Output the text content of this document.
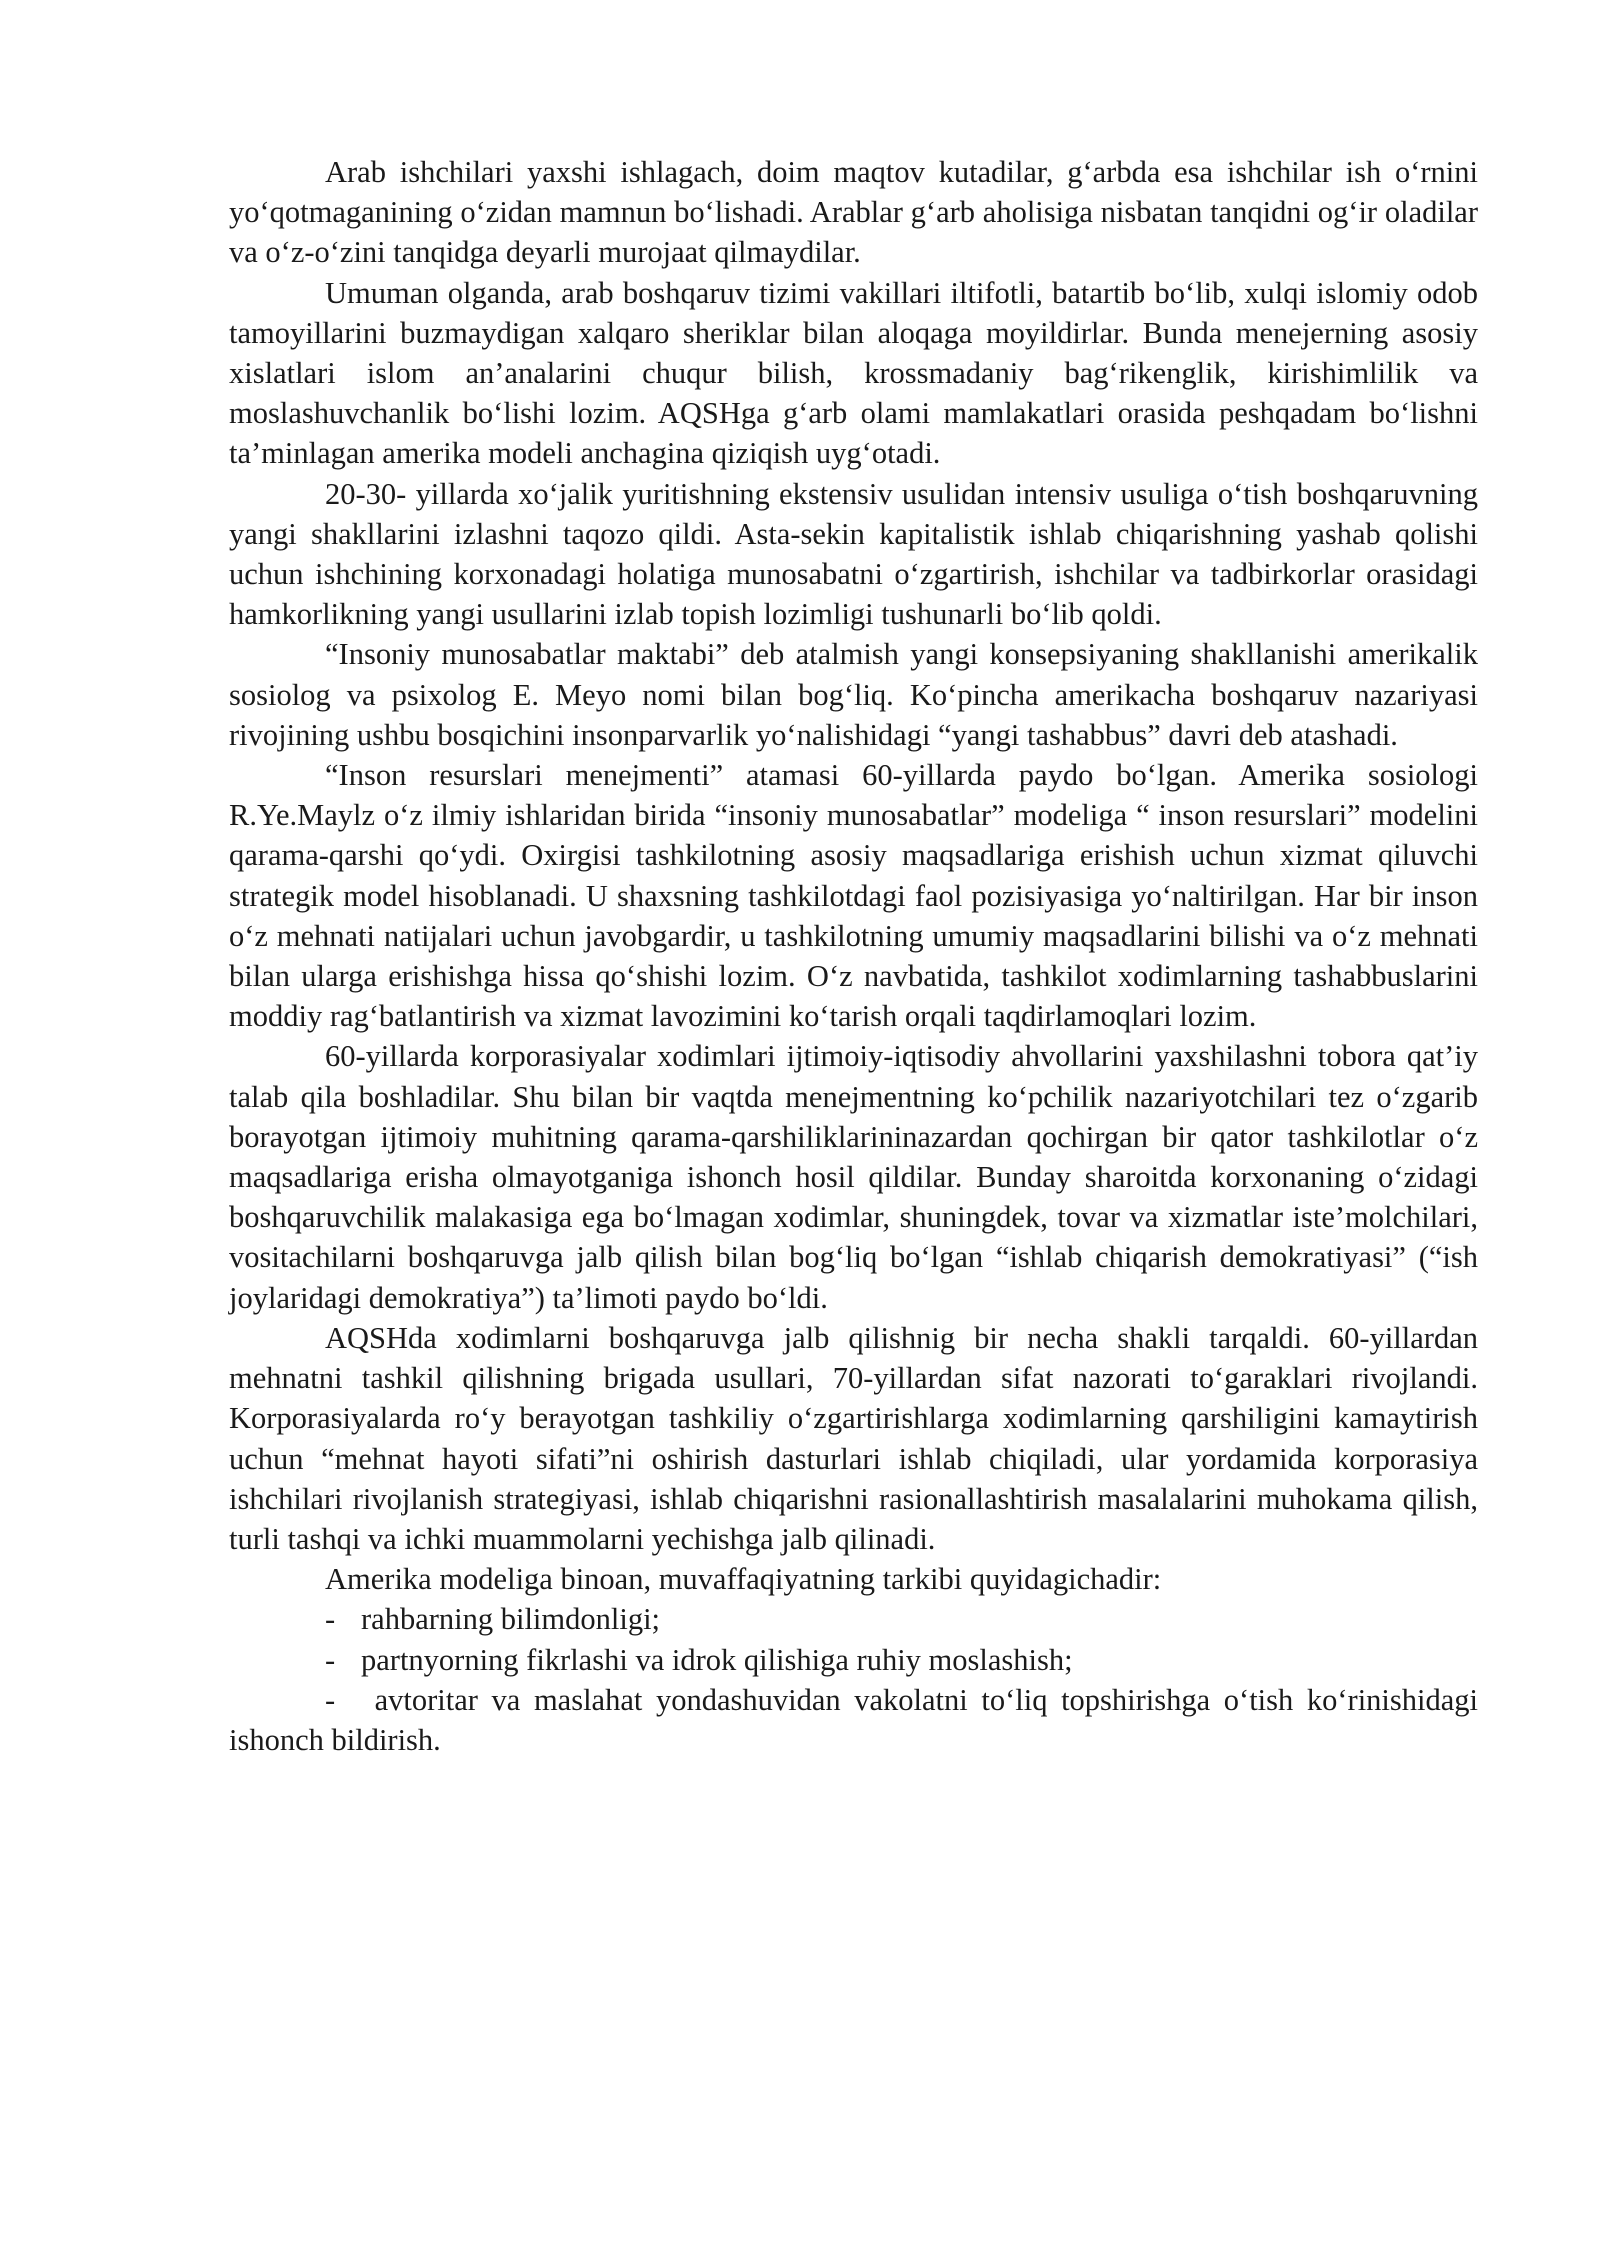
Arab ishchilari yaxshi ishlagach, doim maqtov kutadilar, g‘arbda esa ishchilar ish o‘rnini yo‘qotmaganining o‘zidan mamnun bo‘lishadi. Arablar g‘arb aholisiga nisbatan tanqidni og‘ir oladilar va o‘z-o‘zini tanqidga deyarli murojaat qilmaydilar.

Umuman olganda, arab boshqaruv tizimi vakillari iltifotli, batartib bo‘lib, xulqi islomiy odob tamoyillarini buzmaydigan xalqaro sheriklar bilan aloqaga moyildirlar. Bunda menejerning asosiy xislatlari islom an’analarini chuqur bilish, krossmadaniy bag‘rikenglik, kirishimlilik va moslashuvchanlik bo‘lishi lozim. AQSHga g‘arb olami mamlakatlari orasida peshqadam bo‘lishni ta’minlagan amerika modeli anchagina qiziqish uyg‘otadi.

20-30- yillarda xo‘jalik yuritishning ekstensiv usulidan intensiv usuliga o‘tish boshqaruvning yangi shakllarini izlashni taqozo qildi. Asta-sekin kapitalistik ishlab chiqarishning yashab qolishi uchun ishchining korxonadagi holatiga munosabatni o‘zgartirish, ishchilar va tadbirkorlar orasidagi hamkorlikning yangi usullarini izlab topish lozimligi tushunarli bo‘lib qoldi.

“Insoniy munosabatlar maktabi” deb atalmish yangi konsepsiyaning shakllanishi amerikalik sosiolog va psixolog E. Meyo nomi bilan bog‘liq. Ko‘pincha amerikacha boshqaruv nazariyasi rivojining ushbu bosqichini insonparvarlik yo‘nalishidagi “yangi tashabbus” davri deb atashadi.

“Inson resurslari menejmenti” atamasi 60-yillarda paydo bo‘lgan. Amerika sosiologi R.Ye.Maylz o‘z ilmiy ishlaridan birida “insoniy munosabatlar” modeliga “ inson resurslari” modelini qarama-qarshi qo‘ydi. Oxirgisi tashkilotning asosiy maqsadlariga erishish uchun xizmat qiluvchi strategik model hisoblanadi. U shaxsning tashkilotdagi faol pozisiyasiga yo‘naltirilgan. Har bir inson o‘z mehnati natijalari uchun javobgardir, u tashkilotning umumiy maqsadlarini bilishi va o‘z mehnati bilan ularga erishishga hissa qo‘shishi lozim. O‘z navbatida, tashkilot xodimlarning tashabbuslarini moddiy rag‘batlantirish va xizmat lavozimini ko‘tarish orqali taqdirlamoqlari lozim.

60-yillarda korporasiyalar xodimlari ijtimoiy-iqtisodiy ahvollarini yaxshilashni tobora qat’iy talab qila boshladilar. Shu bilan bir vaqtda menejmentning ko‘pchilik nazariyotchilari tez o‘zgarib borayotgan ijtimoiy muhitning qarama-qarshiliklarininazardan qochirgan bir qator tashkilotlar o‘z maqsadlariga erisha olmayotganiga ishonch hosil qildilar. Bunday sharoitda korxonaning o‘zidagi boshqaruvchilik malakasiga ega bo‘lmagan xodimlar, shuningdek, tovar va xizmatlar iste’molchilari, vositachilarni boshqaruvga jalb qilish bilan bog‘liq bo‘lgan “ishlab chiqarish demokratiyasi” (“ish joylaridagi demokratiya”) ta’limoti paydo bo‘ldi.

AQSHda xodimlarni boshqaruvga jalb qilishnig bir necha shakli tarqaldi. 60-yillardan mehnatni tashkil qilishning brigada usullari, 70-yillardan sifat nazorati to‘garaklari rivojlandi. Korporasiyalarda ro‘y berayotgan tashkiliy o‘zgartirishlarga xodimlarning qarshiligini kamaytirish uchun “mehnat hayoti sifati”ni oshirish dasturlari ishlab chiqiladi, ular yordamida korporasiya ishchilari rivojlanish strategiyasi, ishlab chiqarishni rasionallashtirish masalalarini muhokama qilish, turli tashqi va ichki muammolarni yechishga jalb qilinadi.

Amerika modeliga binoan, muvaffaqiyatning tarkibi quyidagichadir:

- rahbarning bilimdonligi;

- partnyorning fikrlashi va idrok qilishiga ruhiy moslashish;

- avtoritar va maslahat yondashuvidan vakolatni to‘liq topshirishga o‘tish ko‘rinishidagi ishonch bildirish.
